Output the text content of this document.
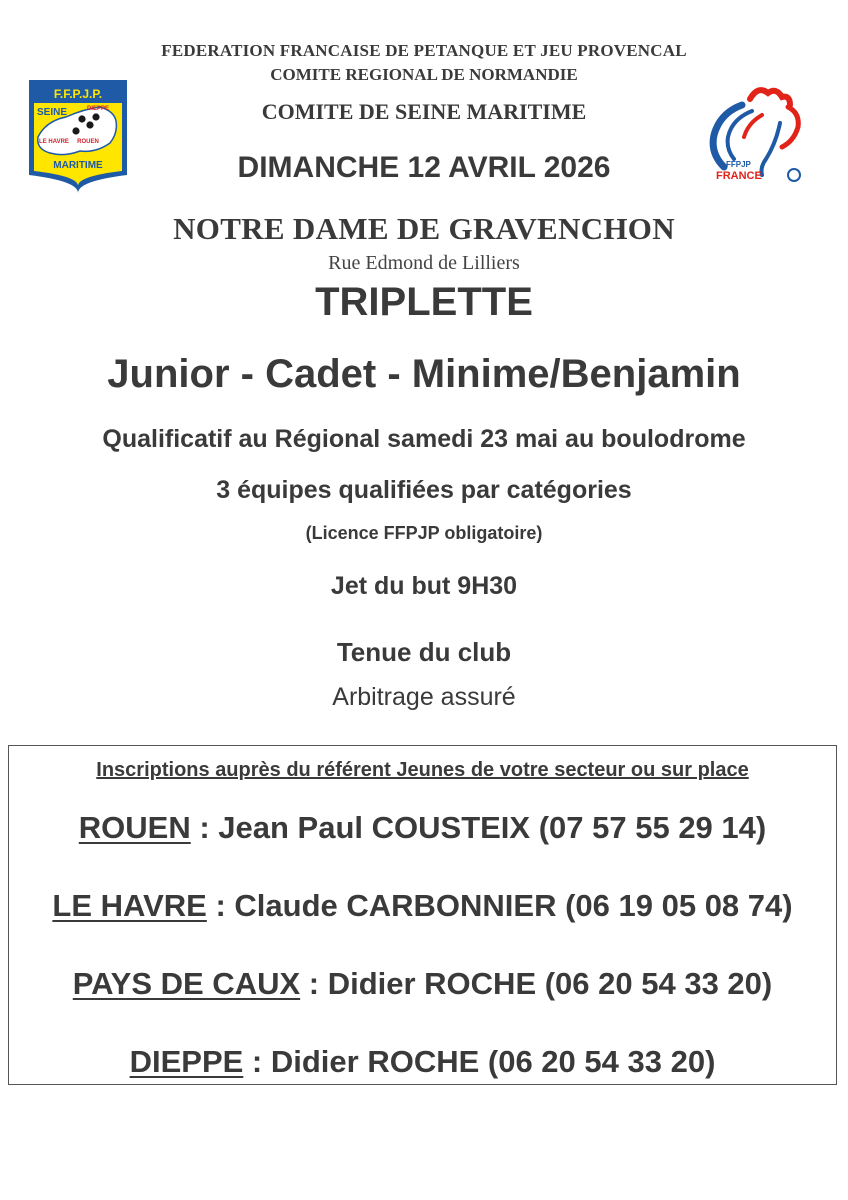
F.F.P.J.P.
SEINE	DIEPPE
LE HAVRE ROUEN
MARITIME	FFPJP
FRANCE
FEDERATION FRANCAISE DE PETANQUE ET JEU PROVENCAL
COMITE REGIONAL DE NORMANDIE
COMITE DE SEINE MARITIME
DIMANCHE 12 AVRIL 2026
NOTRE DAME DE GRAVENCHON
Rue Edmond de Lilliers
TRIPLETTE
Junior - Cadet - Minime/Benjamin
Qualificatif au Régional samedi 23 mai au boulodrome
3 équipes qualifiées par catégories
(Licence FFPJP obligatoire)
Jet du but 9H30
Tenue du club
Arbitrage assuré
Inscriptions auprès du référent Jeunes de votre secteur ou sur place
ROUEN : Jean Paul COUSTEIX (07 57 55 29 14)
LE HAVRE : Claude CARBONNIER (06 19 05 08 74)
PAYS DE CAUX : Didier ROCHE (06 20 54 33 20)
DIEPPE : Didier ROCHE (06 20 54 33 20)
